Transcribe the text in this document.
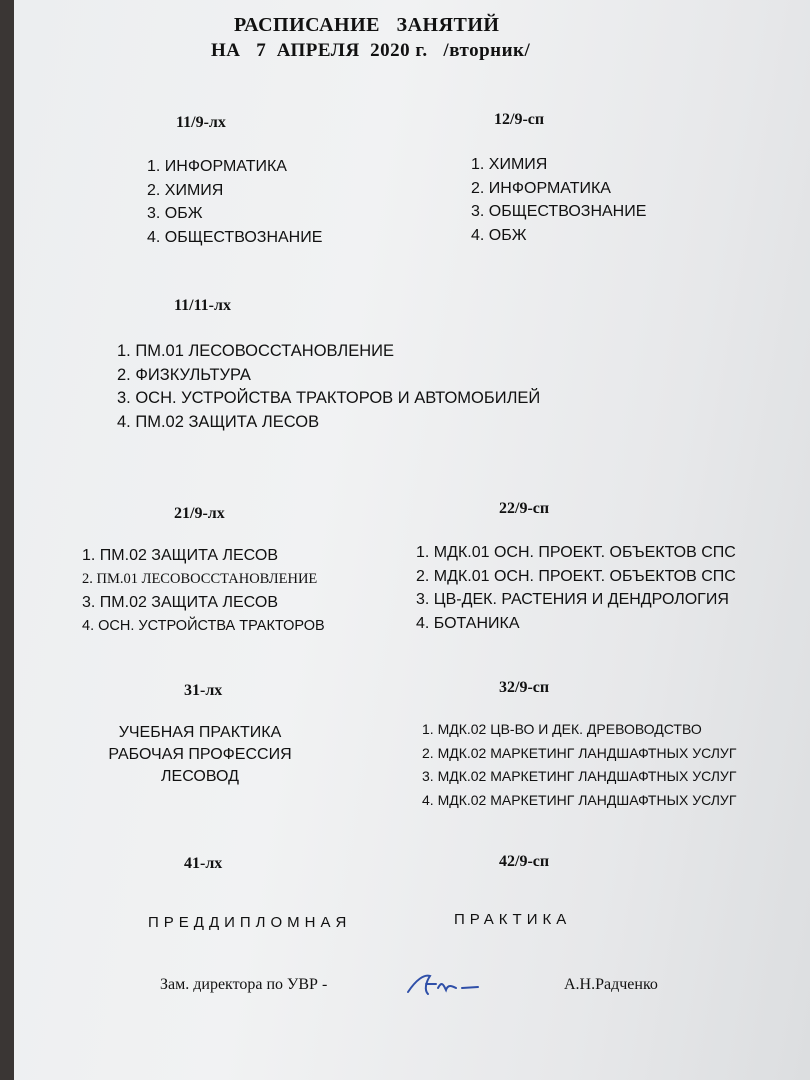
РАСПИСАНИЕ   ЗАНЯТИЙ
НА   7  АПРЕЛЯ  2020 г.   /вторник/
11/9-лх
1. ИНФОРМАТИКА
2. ХИМИЯ
3. ОБЖ
4. ОБЩЕСТВОЗНАНИЕ
12/9-сп
1. ХИМИЯ
2. ИНФОРМАТИКА
3. ОБЩЕСТВОЗНАНИЕ
4. ОБЖ
11/11-лх
1. ПМ.01 ЛЕСОВОССТАНОВЛЕНИЕ
2. ФИЗКУЛЬТУРА
3. ОСН. УСТРОЙСТВА ТРАКТОРОВ И АВТОМОБИЛЕЙ
4. ПМ.02 ЗАЩИТА ЛЕСОВ
21/9-лх
1. ПМ.02 ЗАЩИТА ЛЕСОВ
2. ПМ.01 ЛЕСОВОССТАНОВЛЕНИЕ
3. ПМ.02 ЗАЩИТА ЛЕСОВ
4. ОСН. УСТРОЙСТВА ТРАКТОРОВ
22/9-сп
1. МДК.01 ОСН. ПРОЕКТ. ОБЪЕКТОВ СПС
2. МДК.01 ОСН. ПРОЕКТ. ОБЪЕКТОВ СПС
3. ЦВ-ДЕК. РАСТЕНИЯ И ДЕНДРОЛОГИЯ
4. БОТАНИКА
31-лх
УЧЕБНАЯ ПРАКТИКА
РАБОЧАЯ ПРОФЕССИЯ
ЛЕСОВОД
32/9-сп
1. МДК.02 ЦВ-ВО И ДЕК. ДРЕВОВОДСТВО
2. МДК.02 МАРКЕТИНГ ЛАНДШАФТНЫХ УСЛУГ
3. МДК.02 МАРКЕТИНГ ЛАНДШАФТНЫХ УСЛУГ
4. МДК.02 МАРКЕТИНГ ЛАНДШАФТНЫХ УСЛУГ
41-лх	42/9-сп
ПРЕДДИПЛОМНАЯ	ПРАКТИКА
Зам. директора по УВР -	А.Н.Радченко
